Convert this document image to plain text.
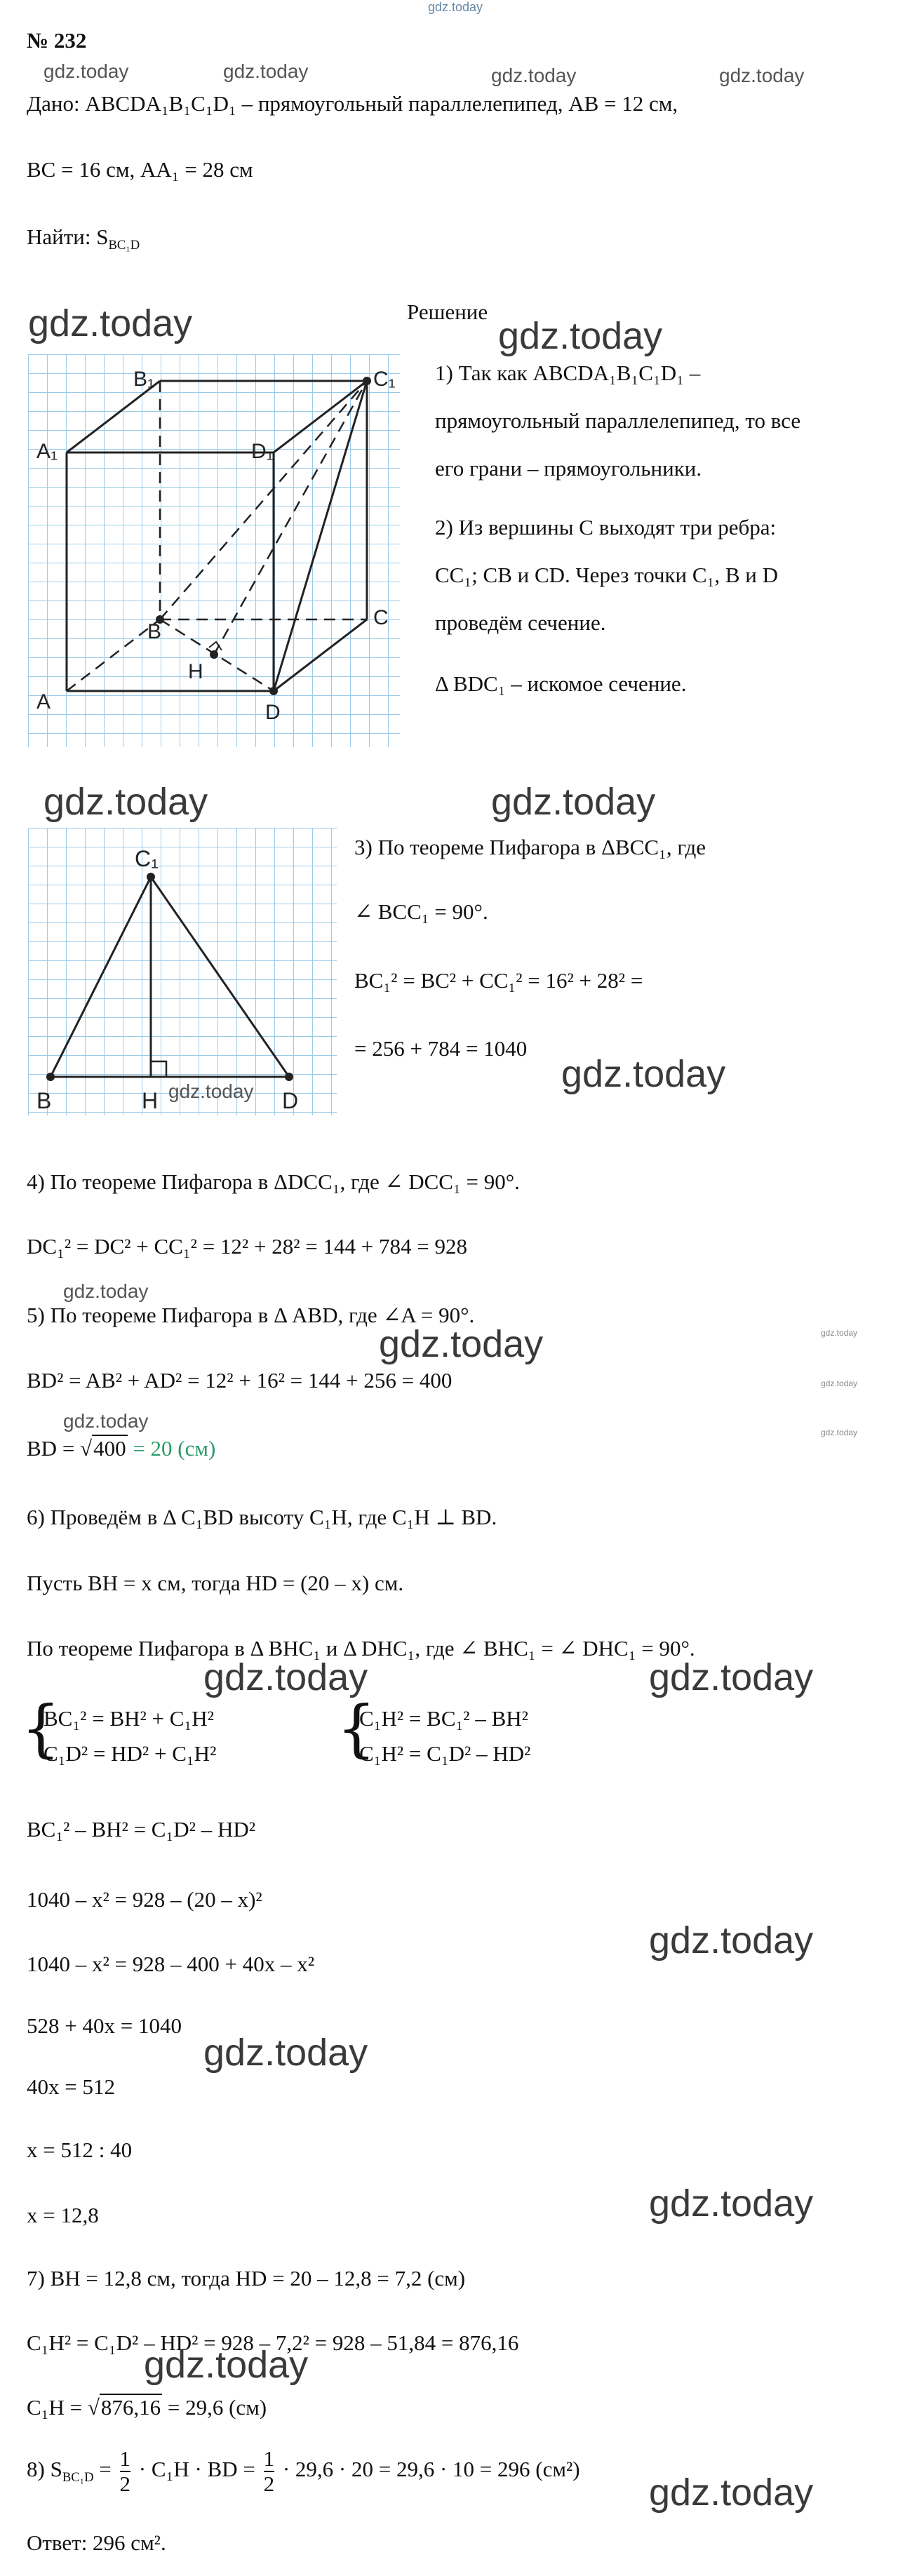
gdz.today
№ 232
gdz.today	gdz.today	gdz.today	gdz.today
Дано: ABCDA₁B₁C₁D₁ – прямоугольный параллелепипед, AB = 12 см,
BC = 16 см, AA₁ = 28 см
Найти: $S_{BC_1D}$
gdz.today
B₁	C₁
A₁	D₁
B
C
A	D
H
Решение
gdz.today
1) Так как ABCDA₁B₁C₁D₁ –
прямоугольный параллелепипед, то все
его грани – прямоугольники.
2) Из вершины C выходят три ребра:
CC₁; CB и CD. Через точки C₁, B и D
проведём сечение.
Δ BDC₁ – искомое сечение.
gdz.today	gdz.today
C₁
B	H	D
gdz.today
3) По теореме Пифагора в ΔBCC₁, где
∠ BCC₁ = 90°.
BC₁² = BC² + CC₁² = 16² + 28² =
= 256 + 784 = 1040
gdz.today
4) По теореме Пифагора в ΔDCC₁, где ∠ DCC₁ = 90°.
DC₁² = DC² + CC₁² = 12² + 28² = 144 + 784 = 928
gdz.today
5) По теореме Пифагора в Δ ABD, где ∠A = 90°.
gdz.today
BD² = AB² + AD² = 12² + 16² = 144 + 256 = 400
gdz.today
BD = √400 = 20 (см)
gdz.today
gdz.today
gdz.today
6) Проведём в Δ C₁BD высоту C₁H, где C₁H ⊥ BD.
Пусть BH = x см, тогда HD = (20 – x) см.
По теореме Пифагора в Δ BHC₁ и Δ DHC₁, где ∠ BHC₁ = ∠ DHC₁ = 90°.
gdz.today	gdz.today
{
BC₁² = BH² + C₁H²
C₁D² = HD² + C₁H² {
C₁H² = BC₁² – BH²
C₁H² = C₁D² – HD²
BC₁² – BH² = C₁D² – HD²
1040 – x² = 928 – (20 – x)²
1040 – x² = 928 – 400 + 40x – x²
gdz.today
528 + 40x = 1040
gdz.today
40x = 512
x = 512 : 40
x = 12,8	gdz.today
7) BH = 12,8 см, тогда HD = 20 – 12,8 = 7,2 (см)
C₁H² = C₁D² – HD² = 928 – 7,2² = 928 – 51,84 = 876,16
gdz.today
C₁H = √876,16 = 29,6 (см)
8) $S_{BC_1D} = \frac{1}{2} \cdot C_1H$ · BD = $\frac{1}{2} \cdot 29,6 \cdot 20 = 29,6 \cdot 10 = 296$ (см²)
gdz.today
Ответ: 296 см².
